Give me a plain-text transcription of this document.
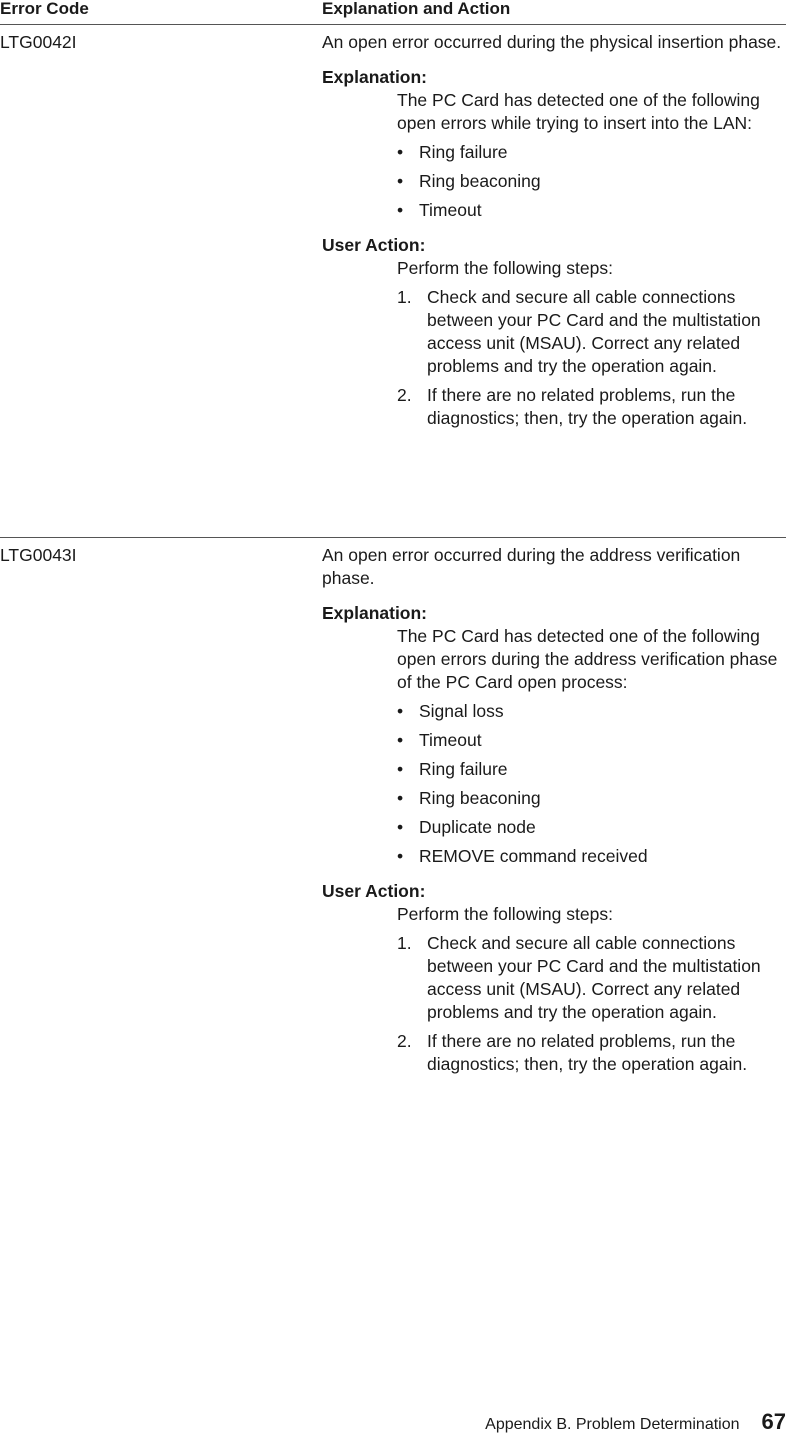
Error Code	Explanation and Action
LTG0042I	An open error occurred during the physical insertion phase.

Explanation:

The PC Card has detected one of the following open errors while trying to insert into the LAN:

• Ring failure
• Ring beaconing
• Timeout

User Action:

Perform the following steps:

1. Check and secure all cable connections between your PC Card and the multistation access unit (MSAU). Correct any related problems and try the operation again.
2. If there are no related problems, run the diagnostics; then, try the operation again.
LTG0043I	An open error occurred during the address verification phase.

Explanation:

The PC Card has detected one of the following open errors during the address verification phase of the PC Card open process:

• Signal loss
• Timeout
• Ring failure
• Ring beaconing
• Duplicate node
• REMOVE command received

User Action:

Perform the following steps:

1. Check and secure all cable connections between your PC Card and the multistation access unit (MSAU). Correct any related problems and try the operation again.
2. If there are no related problems, run the diagnostics; then, try the operation again.
Appendix B. Problem Determination 67
